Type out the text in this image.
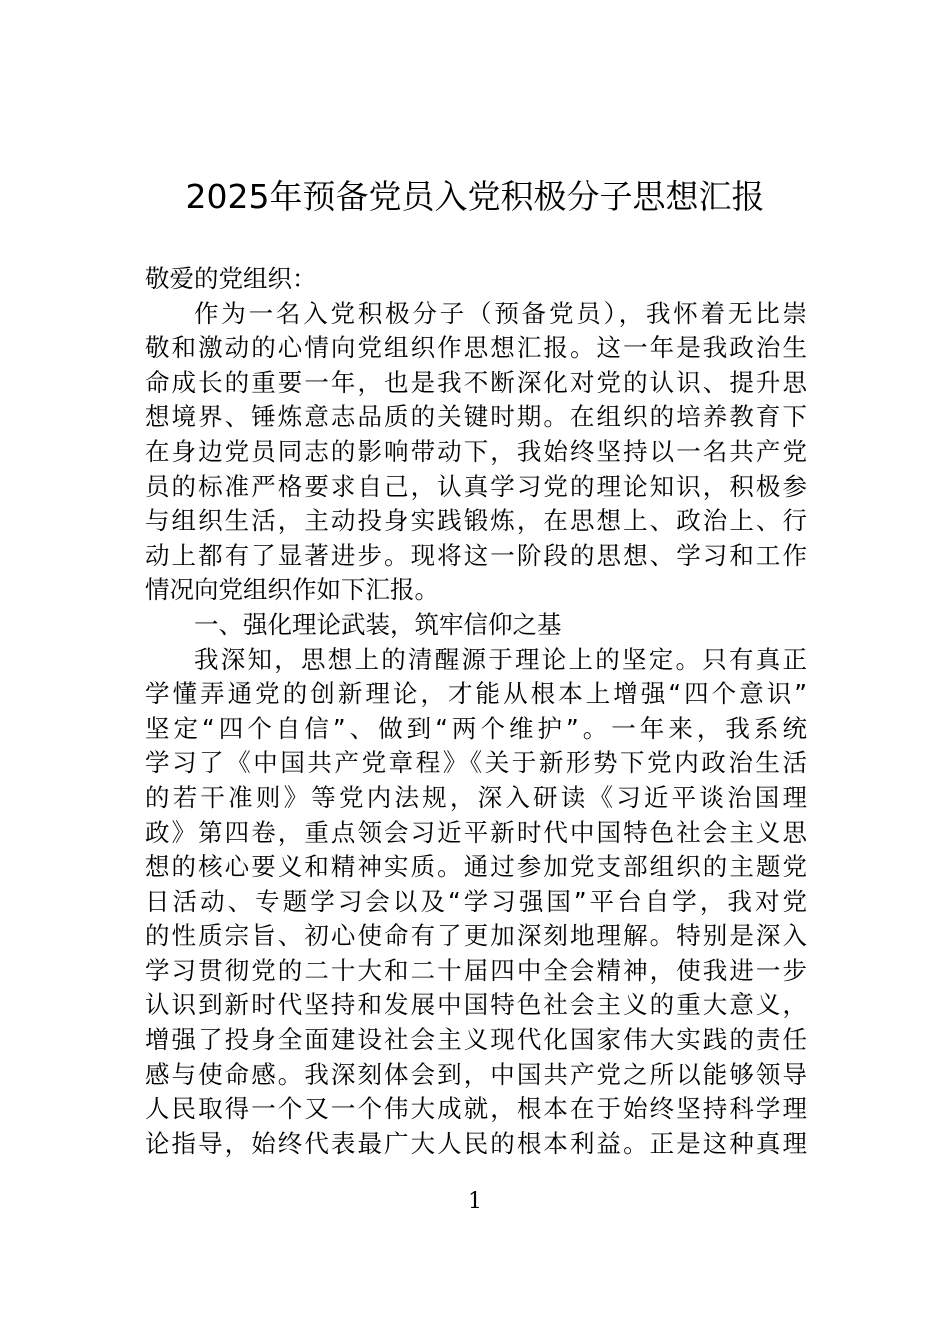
2025年预备党员入党积极分子思想汇报
敬爱的党组织：
作为一名入党积极分子（预备党员），我怀着无比崇
敬和激动的心情向党组织作思想汇报。这一年是我政治生
命成长的重要一年，也是我不断深化对党的认识、提升思
想境界、锤炼意志品质的关键时期。在组织的培养教育下
在身边党员同志的影响带动下，我始终坚持以一名共产党
员的标准严格要求自己，认真学习党的理论知识，积极参
与组织生活，主动投身实践锻炼，在思想上、政治上、行
动上都有了显著进步。现将这一阶段的思想、学习和工作
情况向党组织作如下汇报。
一、强化理论武装，筑牢信仰之基
我深知，思想上的清醒源于理论上的坚定。只有真正
学懂弄通党的创新理论，才能从根本上增强“四个意识”
坚定“四个自信”、做到“两个维护”。一年来，我系统
学习了《中国共产党章程》《关于新形势下党内政治生活
的若干准则》等党内法规，深入研读《习近平谈治国理
政》第四卷，重点领会习近平新时代中国特色社会主义思
想的核心要义和精神实质。通过参加党支部组织的主题党
日活动、专题学习会以及“学习强国”平台自学，我对党
的性质宗旨、初心使命有了更加深刻地理解。特别是深入
学习贯彻党的二十大和二十届四中全会精神，使我进一步
认识到新时代坚持和发展中国特色社会主义的重大意义，
增强了投身全面建设社会主义现代化国家伟大实践的责任
感与使命感。我深刻体会到，中国共产党之所以能够领导
人民取得一个又一个伟大成就，根本在于始终坚持科学理
论指导，始终代表最广大人民的根本利益。正是这种真理
1
